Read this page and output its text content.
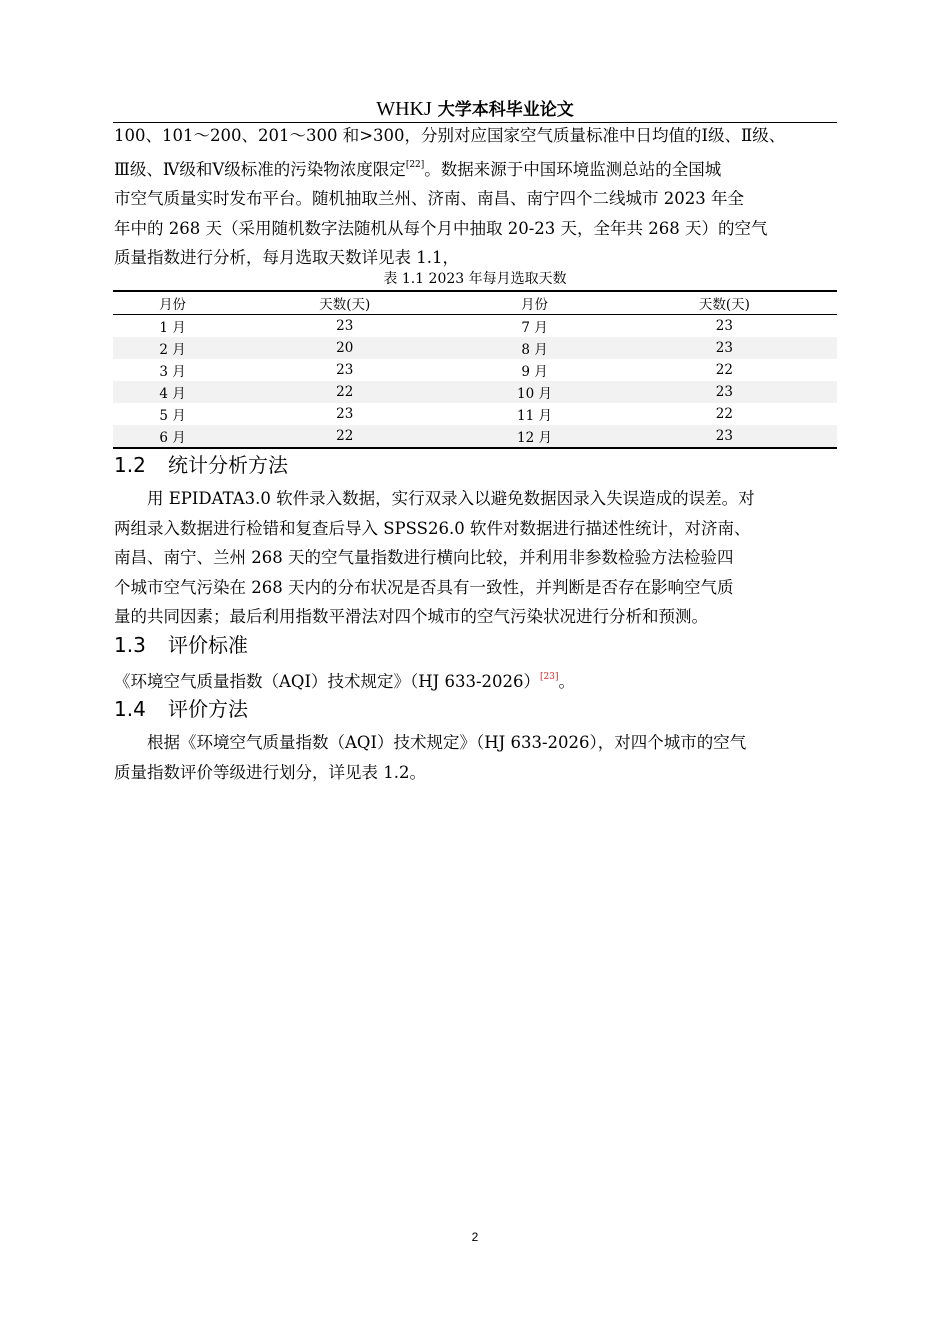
WHKJ 大学本科毕业论文
100、101～200、201～300 和>300，分别对应国家空气质量标准中日均值的Ⅰ级、Ⅱ级、
Ⅲ级、Ⅳ级和Ⅴ级标准的污染物浓度限定[22]。数据来源于中国环境监测总站的全国城
市空气质量实时发布平台。随机抽取兰州、济南、南昌、南宁四个二线城市 2023 年全
年中的 268 天（采用随机数字法随机从每个月中抽取 20-23 天，全年共 268 天）的空气
质量指数进行分析，每月选取天数详见表 1.1，
表 1.1 2023 年每月选取天数
月份	天数(天)	月份	天数(天)
1 月	23	7 月	23
2 月	20	8 月	23
3 月	23	9 月	22
4 月	22	10 月	23
5 月	23	11 月	22
6 月	22	12 月	23
1.2 统计分析方法
用 EPIDATA3.0 软件录入数据，实行双录入以避免数据因录入失误造成的误差。对
两组录入数据进行检错和复查后导入 SPSS26.0 软件对数据进行描述性统计，对济南、
南昌、南宁、兰州 268 天的空气量指数进行横向比较，并利用非参数检验方法检验四
个城市空气污染在 268 天内的分布状况是否具有一致性，并判断是否存在影响空气质
量的共同因素；最后利用指数平滑法对四个城市的空气污染状况进行分析和预测。
1.3 评价标准
《环境空气质量指数（AQI）技术规定》（HJ 633-2026）[23]。
1.4 评价方法
根据《环境空气质量指数（AQI）技术规定》（HJ 633-2026），对四个城市的空气
质量指数评价等级进行划分，详见表 1.2。
2
